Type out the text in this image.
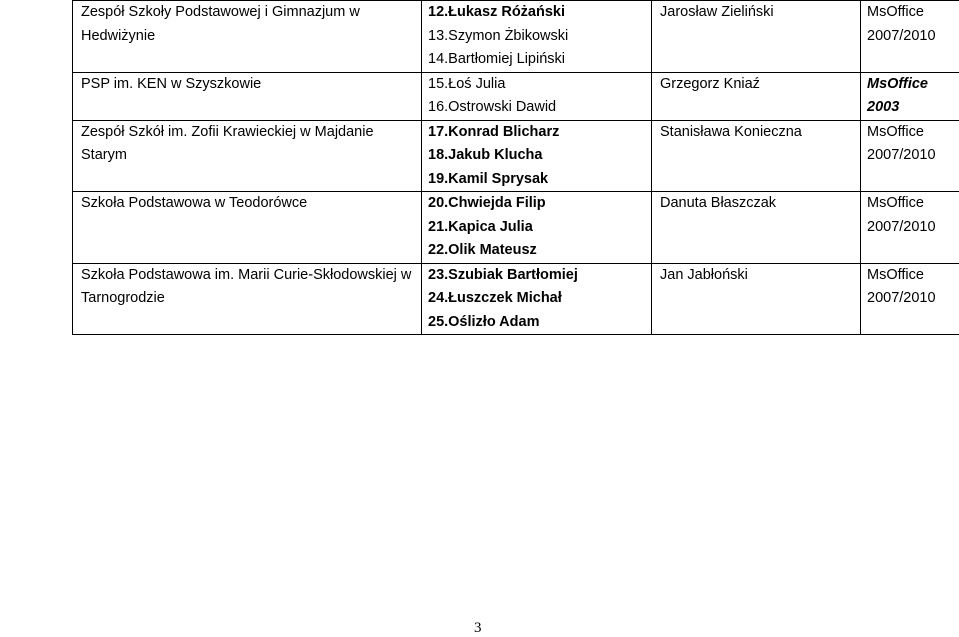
Zespół Szkoły Podstawowej i Gimnazjum w
Hedwiżynie	12.Łukasz Różański
13.Szymon Żbikowski
14.Bartłomiej Lipiński	Jarosław Zieliński	MsOffice
2007/2010

PSP im. KEN w Szyszkowie	15.Łoś Julia
16.Ostrowski Dawid	Grzegorz Kniaź	MsOffice
2003

Zespół Szkół im. Zofii Krawieckiej w Majdanie
Starym	17.Konrad Blicharz
18.Jakub Klucha
19.Kamil Sprysak	Stanisława Konieczna	MsOffice
2007/2010

Szkoła Podstawowa w Teodorówce	20.Chwiejda Filip
21.Kapica Julia
22.Olik Mateusz	Danuta Błaszczak	MsOffice
2007/2010

Szkoła Podstawowa im. Marii Curie-Skłodowskiej w
Tarnogrodzie	23.Szubiak Bartłomiej
24.Łuszczek Michał
25.Oślizło Adam	Jan Jabłoński	MsOffice
2007/2010
3
